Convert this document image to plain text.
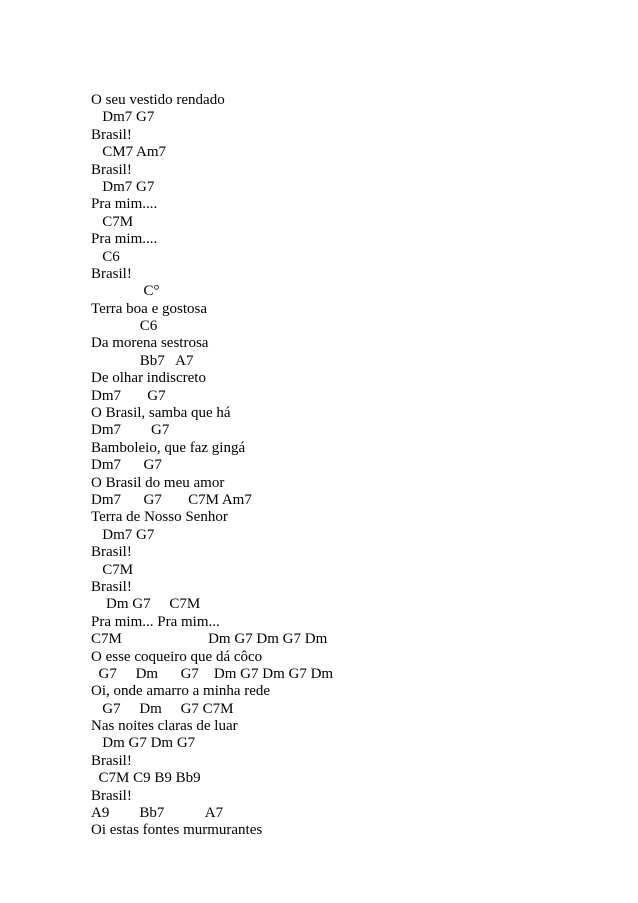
O seu vestido rendado
Dm7 G7
Brasil!
CM7 Am7
Brasil!
Dm7 G7
Pra mim....
C7M
Pra mim....
C6
Brasil!
C°
Terra boa e gostosa
C6
Da morena sestrosa
Bb7   A7
De olhar indiscreto
Dm7       G7
O Brasil, samba que há
Dm7        G7
Bamboleio, que faz gingá
Dm7      G7
O Brasil do meu amor
Dm7      G7       C7M Am7
Terra de Nosso Senhor
Dm7 G7
Brasil!
C7M
Brasil!
Dm G7     C7M
Pra mim... Pra mim...
C7M                       Dm G7 Dm G7 Dm
O esse coqueiro que dá côco
G7     Dm      G7    Dm G7 Dm G7 Dm
Oi, onde amarro a minha rede
G7     Dm     G7 C7M
Nas noites claras de luar
Dm G7 Dm G7
Brasil!
C7M C9 B9 Bb9
Brasil!
A9        Bb7           A7
Oi estas fontes murmurantes
